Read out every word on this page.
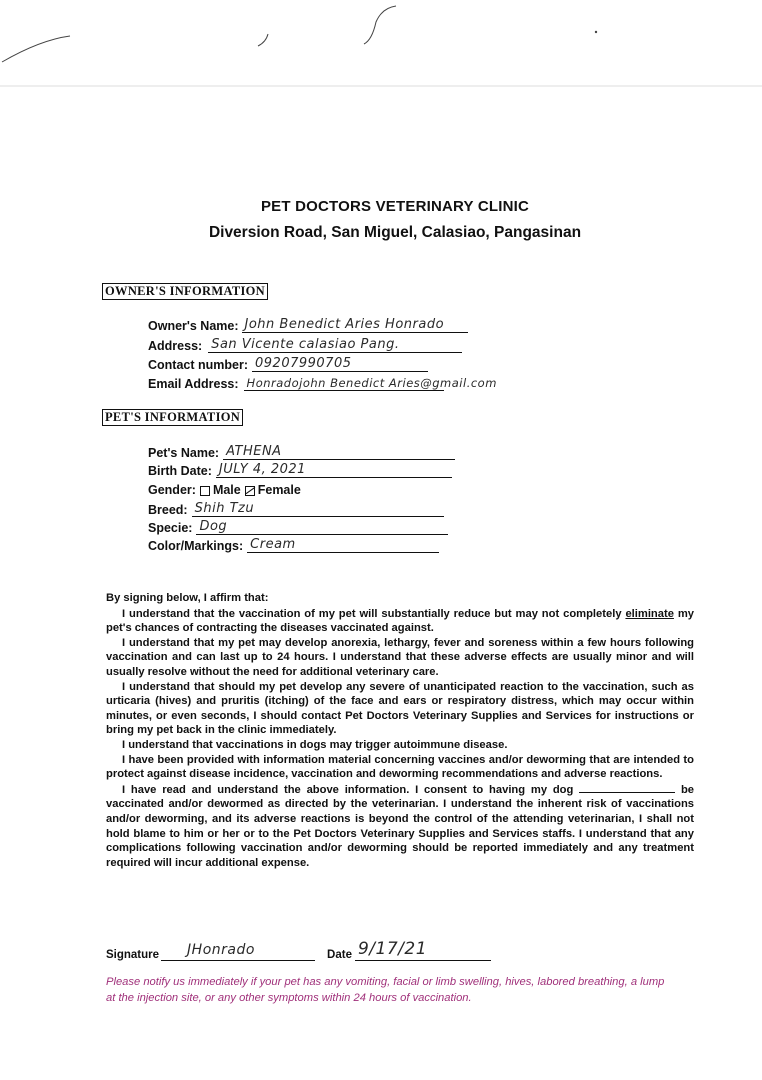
PET DOCTORS VETERINARY CLINIC
Diversion Road, San Miguel, Calasiao, Pangasinan
OWNER'S INFORMATION
Owner's Name: John Benedict Aries Honrado
Address: San Vicente calasiao Pang.
Contact number: 09207990705
Email Address: Honradojohn Benedict Aries@gmail.com
PET'S INFORMATION
Pet's Name: ATHENA
Birth Date: JULY 4, 2021
Gender: Male Female
Breed: Shih Tzu
Specie: Dog
Color/Markings: Cream

By signing below, I affirm that:

I understand that the vaccination of my pet will substantially reduce but may not completely eliminate my pet's chances of contracting the diseases vaccinated against.

I understand that my pet may develop anorexia, lethargy, fever and soreness within a few hours following vaccination and can last up to 24 hours. I understand that these adverse effects are usually minor and will usually resolve without the need for additional veterinary care.

I understand that should my pet develop any severe of unanticipated reaction to the vaccination, such as urticaria (hives) and pruritis (itching) of the face and ears or respiratory distress, which may occur within minutes, or even seconds, I should contact Pet Doctors Veterinary Supplies and Services for instructions or bring my pet back in the clinic immediately.

I understand that vaccinations in dogs may trigger autoimmune disease.

I have been provided with information material concerning vaccines and/or deworming that are intended to protect against disease incidence, vaccination and deworming recommendations and adverse reactions.

I have read and understand the above information. I consent to having my dog	be vaccinated and/or dewormed as directed by the veterinarian. I understand the inherent risk of vaccinations and/or deworming, and its adverse reactions is beyond the control of the attending veterinarian, I shall not hold blame to him or her or to the Pet Doctors Veterinary Supplies and Services staffs. I understand that any complications following vaccination and/or deworming should be reported immediately and any treatment required will incur additional expense.

Signature JHonrado	Date 9/17/21
Please notify us immediately if your pet has any vomiting, facial or limb swelling, hives, labored breathing, a lump at the injection site, or any other symptoms within 24 hours of vaccination.
